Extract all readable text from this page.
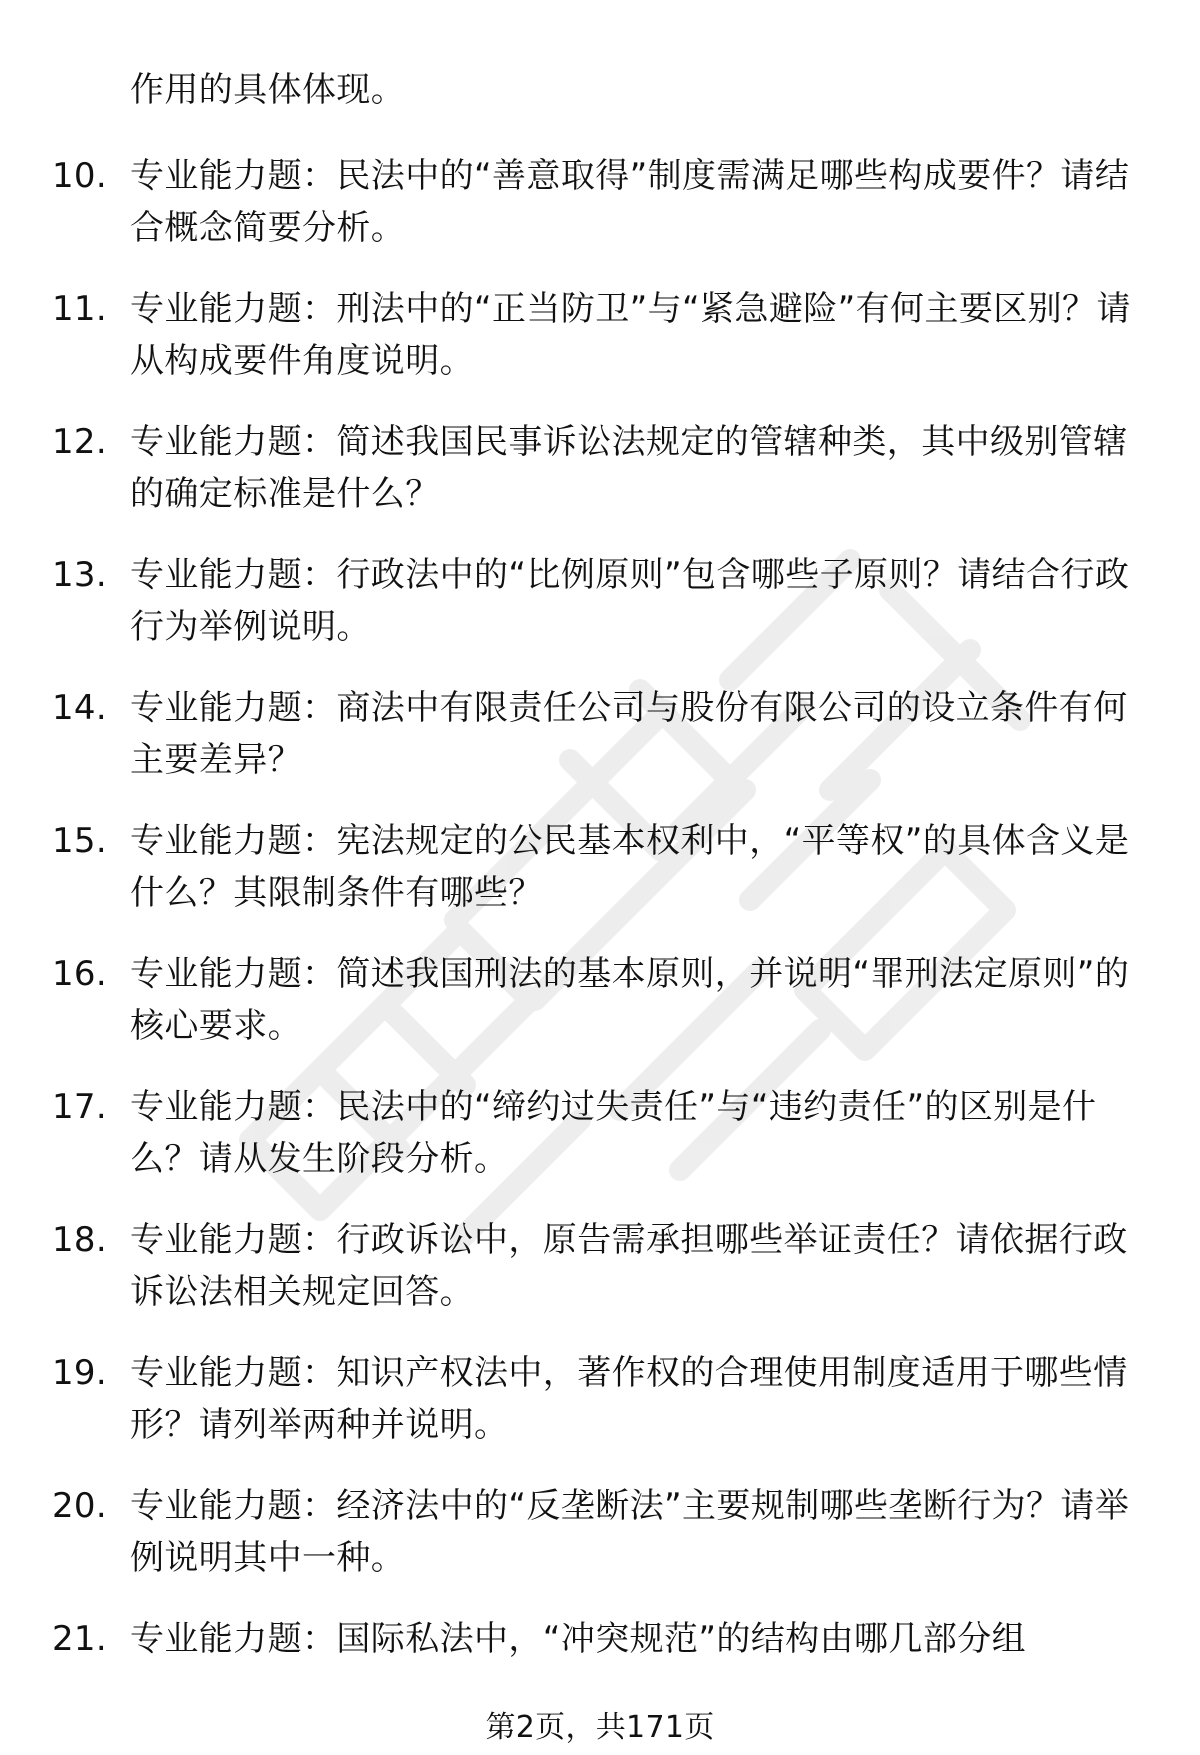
作用的具体体现。
10. 专业能力题：民法中的“善意取得”制度需满足哪些构成要件？请结合概念简要分析。
11. 专业能力题：刑法中的“正当防卫”与“紧急避险”有何主要区别？请从构成要件角度说明。
12. 专业能力题：简述我国民事诉讼法规定的管辖种类，其中级别管辖的确定标准是什么？
13. 专业能力题：行政法中的“比例原则”包含哪些子原则？请结合行政行为举例说明。
14. 专业能力题：商法中有限责任公司与股份有限公司的设立条件有何主要差异？
15. 专业能力题：宪法规定的公民基本权利中，“平等权”的具体含义是什么？其限制条件有哪些？
16. 专业能力题：简述我国刑法的基本原则，并说明“罪刑法定原则”的核心要求。
17. 专业能力题：民法中的“缔约过失责任”与“违约责任”的区别是什么？请从发生阶段分析。
18. 专业能力题：行政诉讼中，原告需承担哪些举证责任？请依据行政诉讼法相关规定回答。
19. 专业能力题：知识产权法中，著作权的合理使用制度适用于哪些情形？请列举两种并说明。
20. 专业能力题：经济法中的“反垄断法”主要规制哪些垄断行为？请举例说明其中一种。
21. 专业能力题：国际私法中，“冲突规范”的结构由哪几部分组
第2页，共171页
